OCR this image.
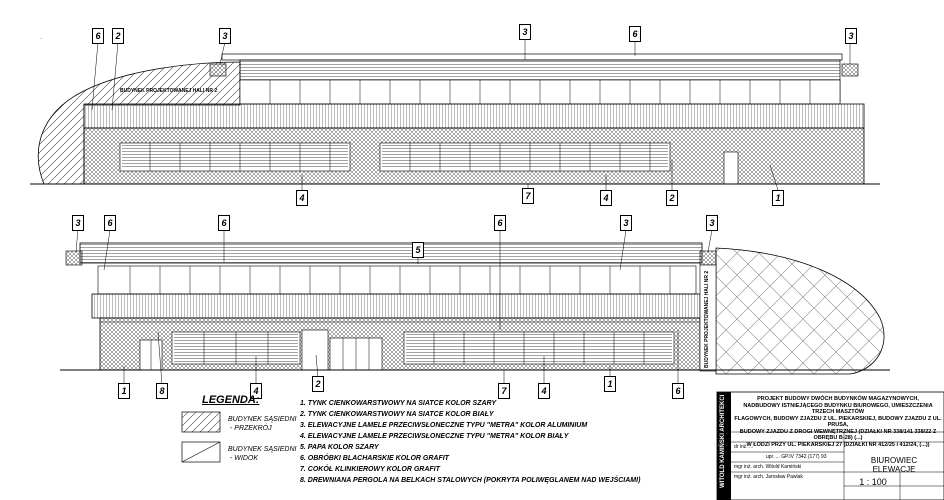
6	2	3	3	6	3
4	7	4	2	1
BUDYNEK PROJEKTOWANEJ HALI NR 2
·
3	6	6
5
6	3	3
1	8	4
2
7	4
1
6
BUDYNEK PROJEKTOWANEJ HALI NR 2
LEGENDA:
BUDYNEK SĄSIEDNI
- PRZEKRÓJ
BUDYNEK SĄSIEDNI
- WIDOK
1. TYNK CIENKOWARSTWOWY NA SIATCE KOLOR SZARY
2. TYNK CIENKOWARSTWOWY NA SIATCE KOLOR BIAŁY
3. ELEWACYJNE LAMELE PRZECIWSŁONECZNE TYPU "METRA" KOLOR ALUMINIUM
4. ELEWACYJNE LAMELE PRZECIWSŁONECZNE TYPU "METRA" KOLOR BIAŁY
5. PAPA KOLOR SZARY
6. OBRÓBKI BLACHARSKIE KOLOR GRAFIT
7. COKÓŁ KLINKIEROWY KOLOR GRAFIT
8. DREWNIANA PERGOLA NA BELKACH STALOWYCH (POKRYTA POLIWĘGLANEM NAD WEJŚCIAMI)	WITOLD KAMIŃSKI ARCHITEKCI	PROJEKT BUDOWY DWÓCH BUDYNKÓW MAGAZYNOWYCH,
NADBUDOWY ISTNIEJĄCEGO BUDYNKU BIUROWEGO, UMIESZCZENIA TRZECH MASZTÓW
FLAGOWYCH, BUDOWY ZJAZDU Z UL. PIEKARSKIEJ, BUDOWY ZJAZDU Z UL. PRUSA,
BUDOWY ZJAZDU Z DROGI WEWNĘTRZNEJ (DZIAŁKI NR 338/141 338/22 Z OBRĘBU B-28) (...)
W ŁODZI PRZY UL. PIEKARSKIEJ 27 (DZIAŁKI NR 412/25 i 412/24, (...))
dr inż. ...
upr. ... GP.IV 7342 (177) 93
mgr inż. arch. Witold Kamiński
mgr inż. arch. Jarosław Pawlak
BIUROWIEC
ELEWACJE
1 : 100
